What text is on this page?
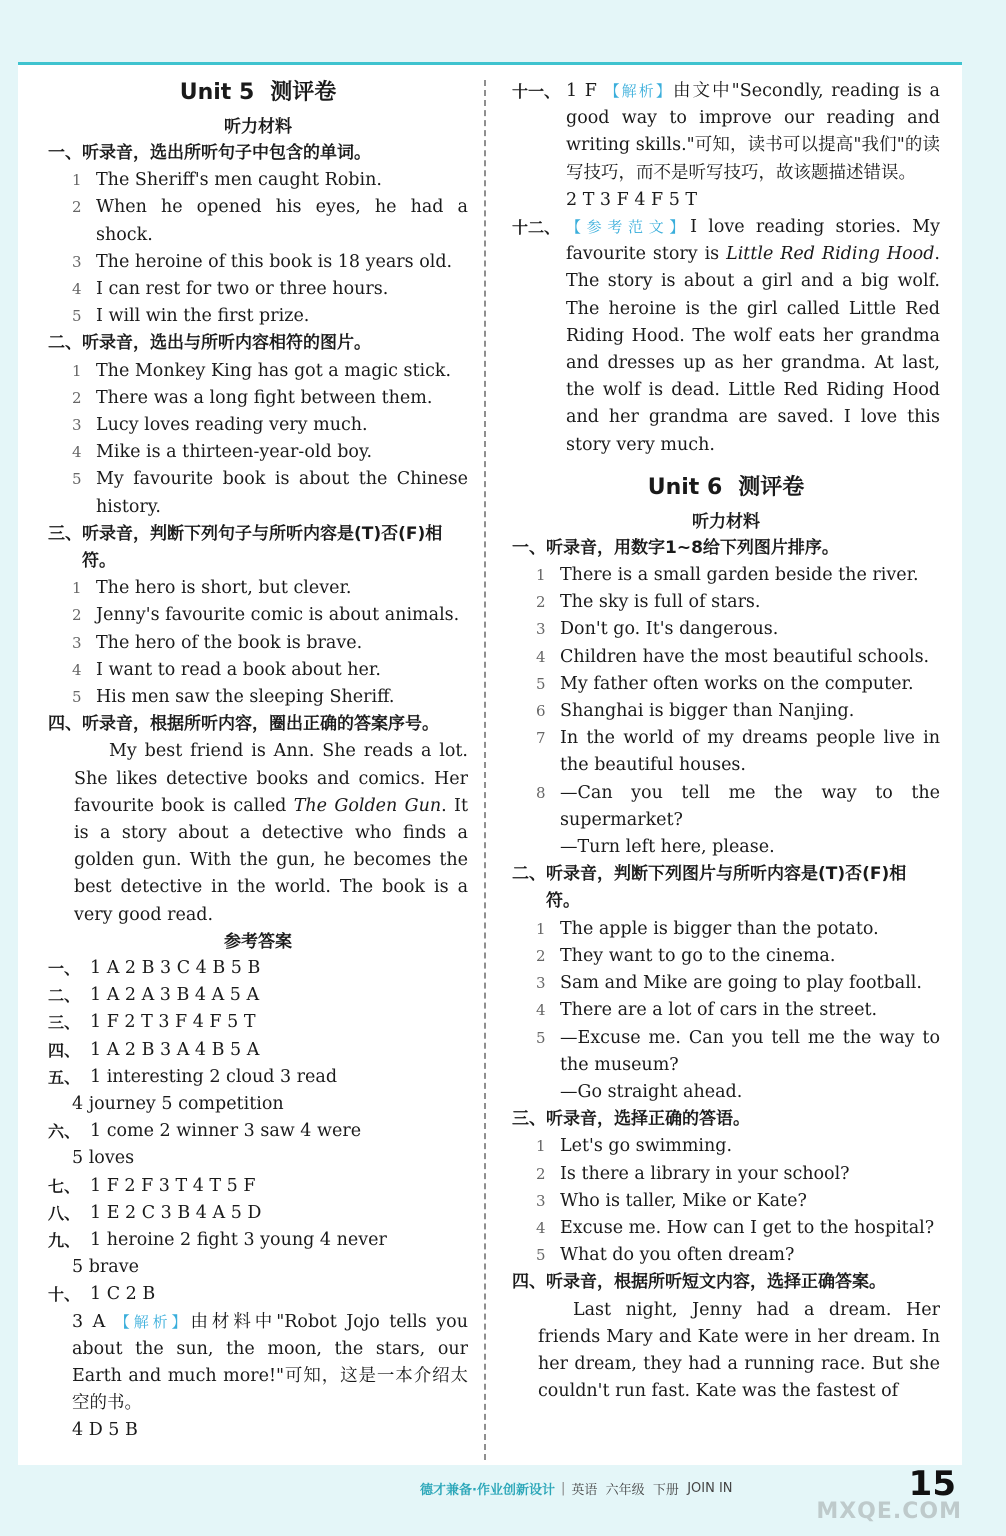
Unit 5 测评卷
听力材料
一、 听录音，选出所听句子中包含的单词。
1 The Sheriff's men caught Robin.
2 When he opened his eyes, he had a shock.
3 The heroine of this book is 18 years old.
4 I can rest for two or three hours.
5 I will win the first prize.
二、 听录音，选出与所听内容相符的图片。
1 The Monkey King has got a magic stick.
2 There was a long fight between them.
3 Lucy loves reading very much.
4 Mike is a thirteen-year-old boy.
5 My favourite book is about the Chinese history.
三、 听录音，判断下列句子与所听内容是(T)否(F)相符。
1 The hero is short, but clever.
2 Jenny's favourite comic is about animals.
3 The hero of the book is brave.
4 I want to read a book about her.
5 His men saw the sleeping Sheriff.
四、 听录音，根据所听内容，圈出正确的答案序号。
My best friend is Ann. She reads a lot. She likes detective books and comics. Her favourite book is called The Golden Gun. It is a story about a detective who finds a golden gun. With the gun, he becomes the best detective in the world. The book is a very good read.
参考答案
一、 1 A 2 B 3 C 4 B 5 B
二、 1 A 2 A 3 B 4 A 5 A
三、 1 F 2 T 3 F 4 F 5 T
四、 1 A 2 B 3 A 4 B 5 A
五、 1 interesting 2 cloud 3 read
4 journey 5 competition
六、 1 come 2 winner 3 saw 4 were
5 loves
七、 1 F 2 F 3 T 4 T 5 F
八、 1 E 2 C 3 B 4 A 5 D
九、 1 heroine 2 fight 3 young 4 never
5 brave
十、 1 C 2 B
3 A 【解析】由材料中"Robot Jojo tells you about the sun, the moon, the stars, our Earth and much more!"可知，这是一本介绍太空的书。
4 D 5 B
十一、 1 F 【解析】由文中"Secondly, reading is a good way to improve our reading and writing skills."可知，读书可以提高"我们"的读写技巧，而不是听写技巧，故该题描述错误。
2 T 3 F 4 F 5 T
十二、 【参考范文】I love reading stories. My favourite story is Little Red Riding Hood. The story is about a girl and a big wolf. The heroine is the girl called Little Red Riding Hood. The wolf eats her grandma and dresses up as her grandma. At last, the wolf is dead. Little Red Riding Hood and her grandma are saved. I love this story very much.
Unit 6 测评卷
听力材料
一、 听录音，用数字1~8给下列图片排序。
1 There is a small garden beside the river.
2 The sky is full of stars.
3 Don't go. It's dangerous.
4 Children have the most beautiful schools.
5 My father often works on the computer.
6 Shanghai is bigger than Nanjing.
7 In the world of my dreams people live in the beautiful houses.
8 —Can you tell me the way to the supermarket?
—Turn left here, please.
二、 听录音，判断下列图片与所听内容是(T)否(F)相符。
1 The apple is bigger than the potato.
2 They want to go to the cinema.
3 Sam and Mike are going to play football.
4 There are a lot of cars in the street.
5 —Excuse me. Can you tell me the way to the museum?
—Go straight ahead.
三、 听录音，选择正确的答语。
1 Let's go swimming.
2 Is there a library in your school?
3 Who is taller, Mike or Kate?
4 Excuse me. How can I get to the hospital?
5 What do you often dream?
四、 听录音，根据所听短文内容，选择正确答案。
Last night, Jenny had a dream. Her friends Mary and Kate were in her dream. In her dream, they had a running race. But she couldn't run fast. Kate was the fastest of
德才兼备·作业创新设计 | 英语
六年级
下册
JOIN IN	15
MXQE.COM
